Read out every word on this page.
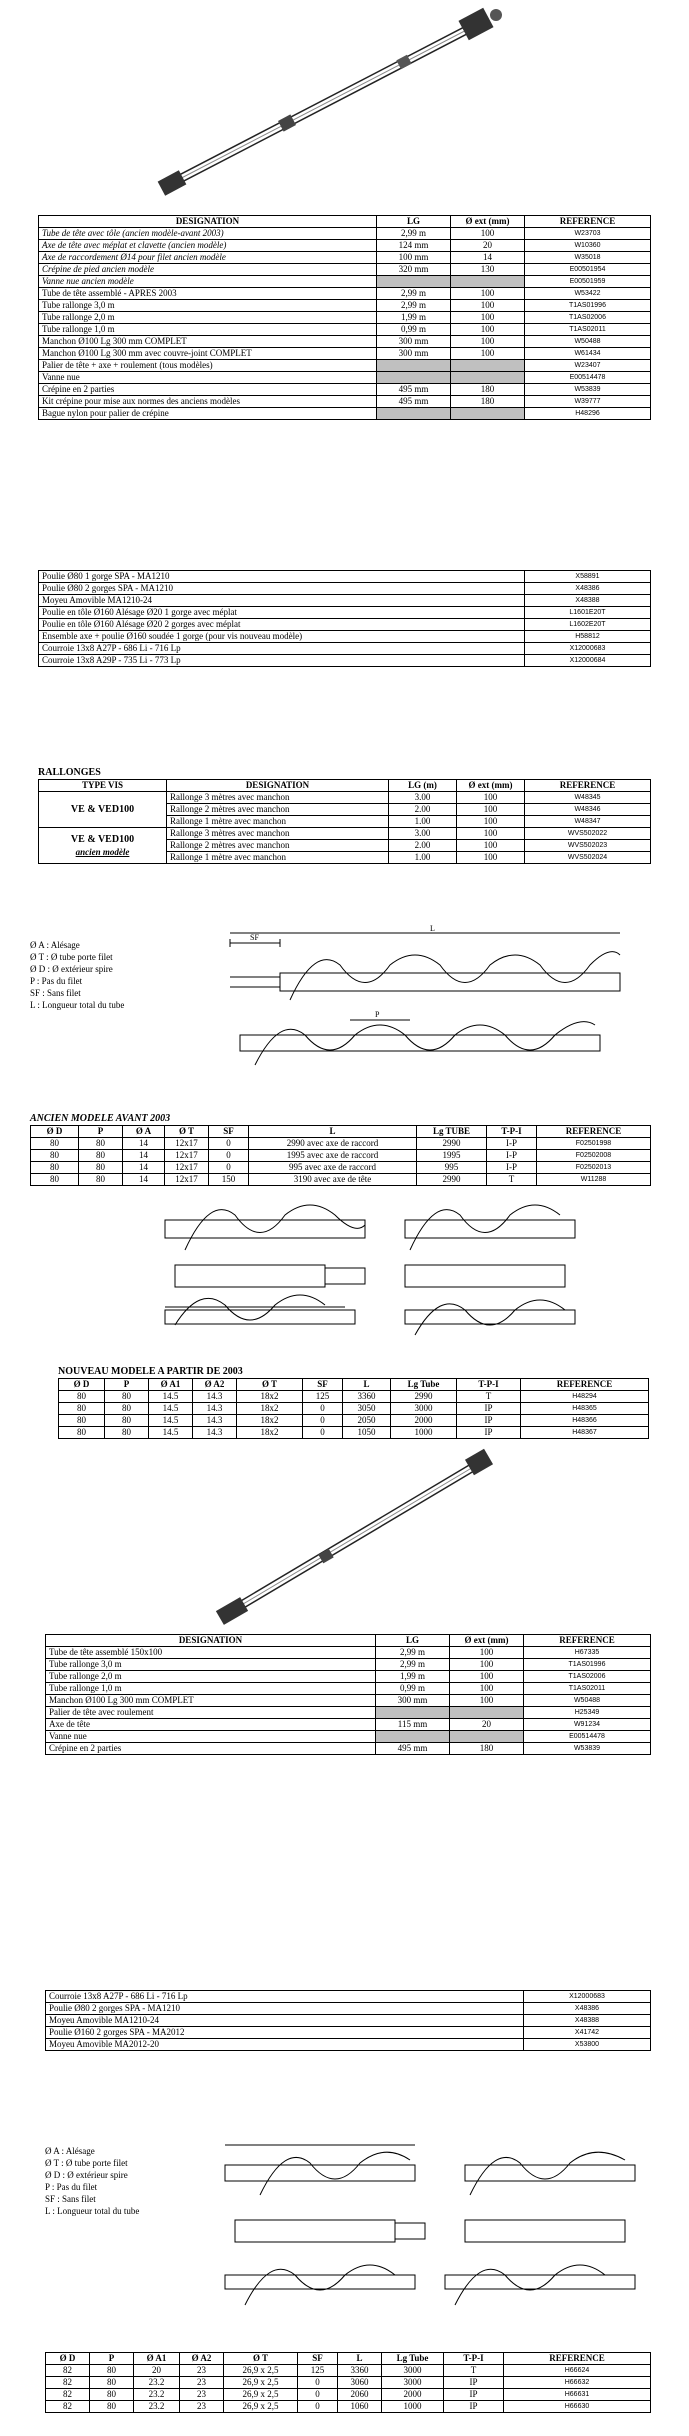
DESIGNATION	LG	Ø ext (mm)	REFERENCE
Tube de tête avec tôle (ancien modèle-avant 2003)	2,99 m	100	W23703
Axe de tête avec méplat et clavette (ancien modèle)	124 mm	20	W10360
Axe de raccordement Ø14 pour filet ancien modèle	100 mm	14	W35018
Crépine de pied ancien modèle	320 mm	130	E00501954
Vanne nue ancien modèle			E00501959
Tube de tête assemblé - APRES 2003	2,99 m	100	W53422
Tube rallonge 3,0 m	2,99 m	100	T1AS01996
Tube rallonge 2,0 m	1,99 m	100	T1AS02006
Tube rallonge 1,0 m	0,99 m	100	T1AS02011
Manchon Ø100 Lg 300 mm COMPLET	300 mm	100	W50488
Manchon Ø100 Lg 300 mm avec couvre-joint COMPLET	300 mm	100	W61434
Palier de tête + axe + roulement (tous modèles)			W23407
Vanne nue			E00514478
Crépine en 2 parties	495 mm	180	W53839
Kit crépine pour mise aux normes des anciens modèles	495 mm	180	W39777
Bague nylon pour palier de crépine			H48296
Poulie Ø80 1 gorge SPA - MA1210	X58891
Poulie Ø80 2 gorges SPA - MA1210	X48386
Moyeu Amovible MA1210-24	X48388
Poulie en tôle Ø160 Alésage Ø20 1 gorge avec méplat	L1601E20T
Poulie en tôle Ø160 Alésage Ø20 2 gorges avec méplat	L1602E20T
Ensemble axe + poulie Ø160 soudée 1 gorge (pour vis nouveau modèle)	H58812
Courroie 13x8 A27P - 686 Li - 716 Lp	X12000683
Courroie 13x8 A29P - 735 Li - 773 Lp	X12000684
RALLONGES
TYPE VIS	DESIGNATION	LG (m)	Ø ext (mm)	REFERENCE
VE & VED100	Rallonge 3 mètres avec manchon	3.00	100	W48345
	Rallonge 2 mètres avec manchon	2.00	100	W48346
	Rallonge 1 mètre avec manchon	1.00	100	W48347

VE & VED100
ancien modèle	Rallonge 3 mètres avec manchon	3.00	100	WVS502022
	Rallonge 2 mètres avec manchon	2.00	100	WVS502023
	Rallonge 1 mètre avec manchon	1.00	100	WVS502024
Ø A : Alésage
Ø T : Ø tube porte filet
Ø D : Ø extérieur spire
P : Pas du filet
SF : Sans filet
L : Longueur total du tube
SF
L
P
ANCIEN MODELE AVANT 2003
Ø D	P	Ø A	Ø T	SF	L	Lg TUBE	T-P-I	REFERENCE
80	80	14	12x17	0	2990 avec axe de raccord	2990	I-P	F02501998
80	80	14	12x17	0	1995 avec axe de raccord	1995	I-P	F02502008
80	80	14	12x17	0	995 avec axe de raccord	995	I-P	F02502013
80	80	14	12x17	150	3190 avec axe de tête	2990	T	W11288
NOUVEAU MODELE A PARTIR DE 2003
Ø D	P	Ø A1	Ø A2	Ø T	SF	L	Lg Tube	T-P-I	REFERENCE
80	80	14.5	14.3	18x2	125	3360	2990	T	H48294
80	80	14.5	14.3	18x2	0	3050	3000	IP	H48365
80	80	14.5	14.3	18x2	0	2050	2000	IP	H48366
80	80	14.5	14.3	18x2	0	1050	1000	IP	H48367
DESIGNATION	LG	Ø ext (mm)	REFERENCE
Tube de tête assemblé 150x100	2,99 m	100	H67335
Tube rallonge 3,0 m	2,99 m	100	T1AS01996
Tube rallonge 2,0 m	1,99 m	100	T1AS02006
Tube rallonge 1,0 m	0,99 m	100	T1AS02011
Manchon Ø100 Lg 300 mm COMPLET	300 mm	100	W50488
Palier de tête avec roulement			H25349
Axe de tête	115 mm	20	W91234
Vanne nue			E00514478
Crépine en 2 parties	495 mm	180	W53839
Courroie 13x8 A27P - 686 Li - 716 Lp	X12000683
Poulie Ø80 2 gorges SPA - MA1210	X48386
Moyeu Amovible MA1210-24	X48388
Poulie Ø160 2 gorges SPA - MA2012	X41742
Moyeu Amovible MA2012-20	X53800
Ø A : Alésage
Ø T : Ø tube porte filet
Ø D : Ø extérieur spire
P : Pas du filet
SF : Sans filet
L : Longueur total du tube
Ø D	P	Ø A1	Ø A2	Ø T	SF	L	Lg Tube	T-P-I	REFERENCE
82	80	20	23	26,9 x 2,5	125	3360	3000	T	H66624
82	80	23.2	23	26,9 x 2,5	0	3060	3000	IP	H66632
82	80	23.2	23	26,9 x 2,5	0	2060	2000	IP	H66631
82	80	23.2	23	26,9 x 2,5	0	1060	1000	IP	H66630
